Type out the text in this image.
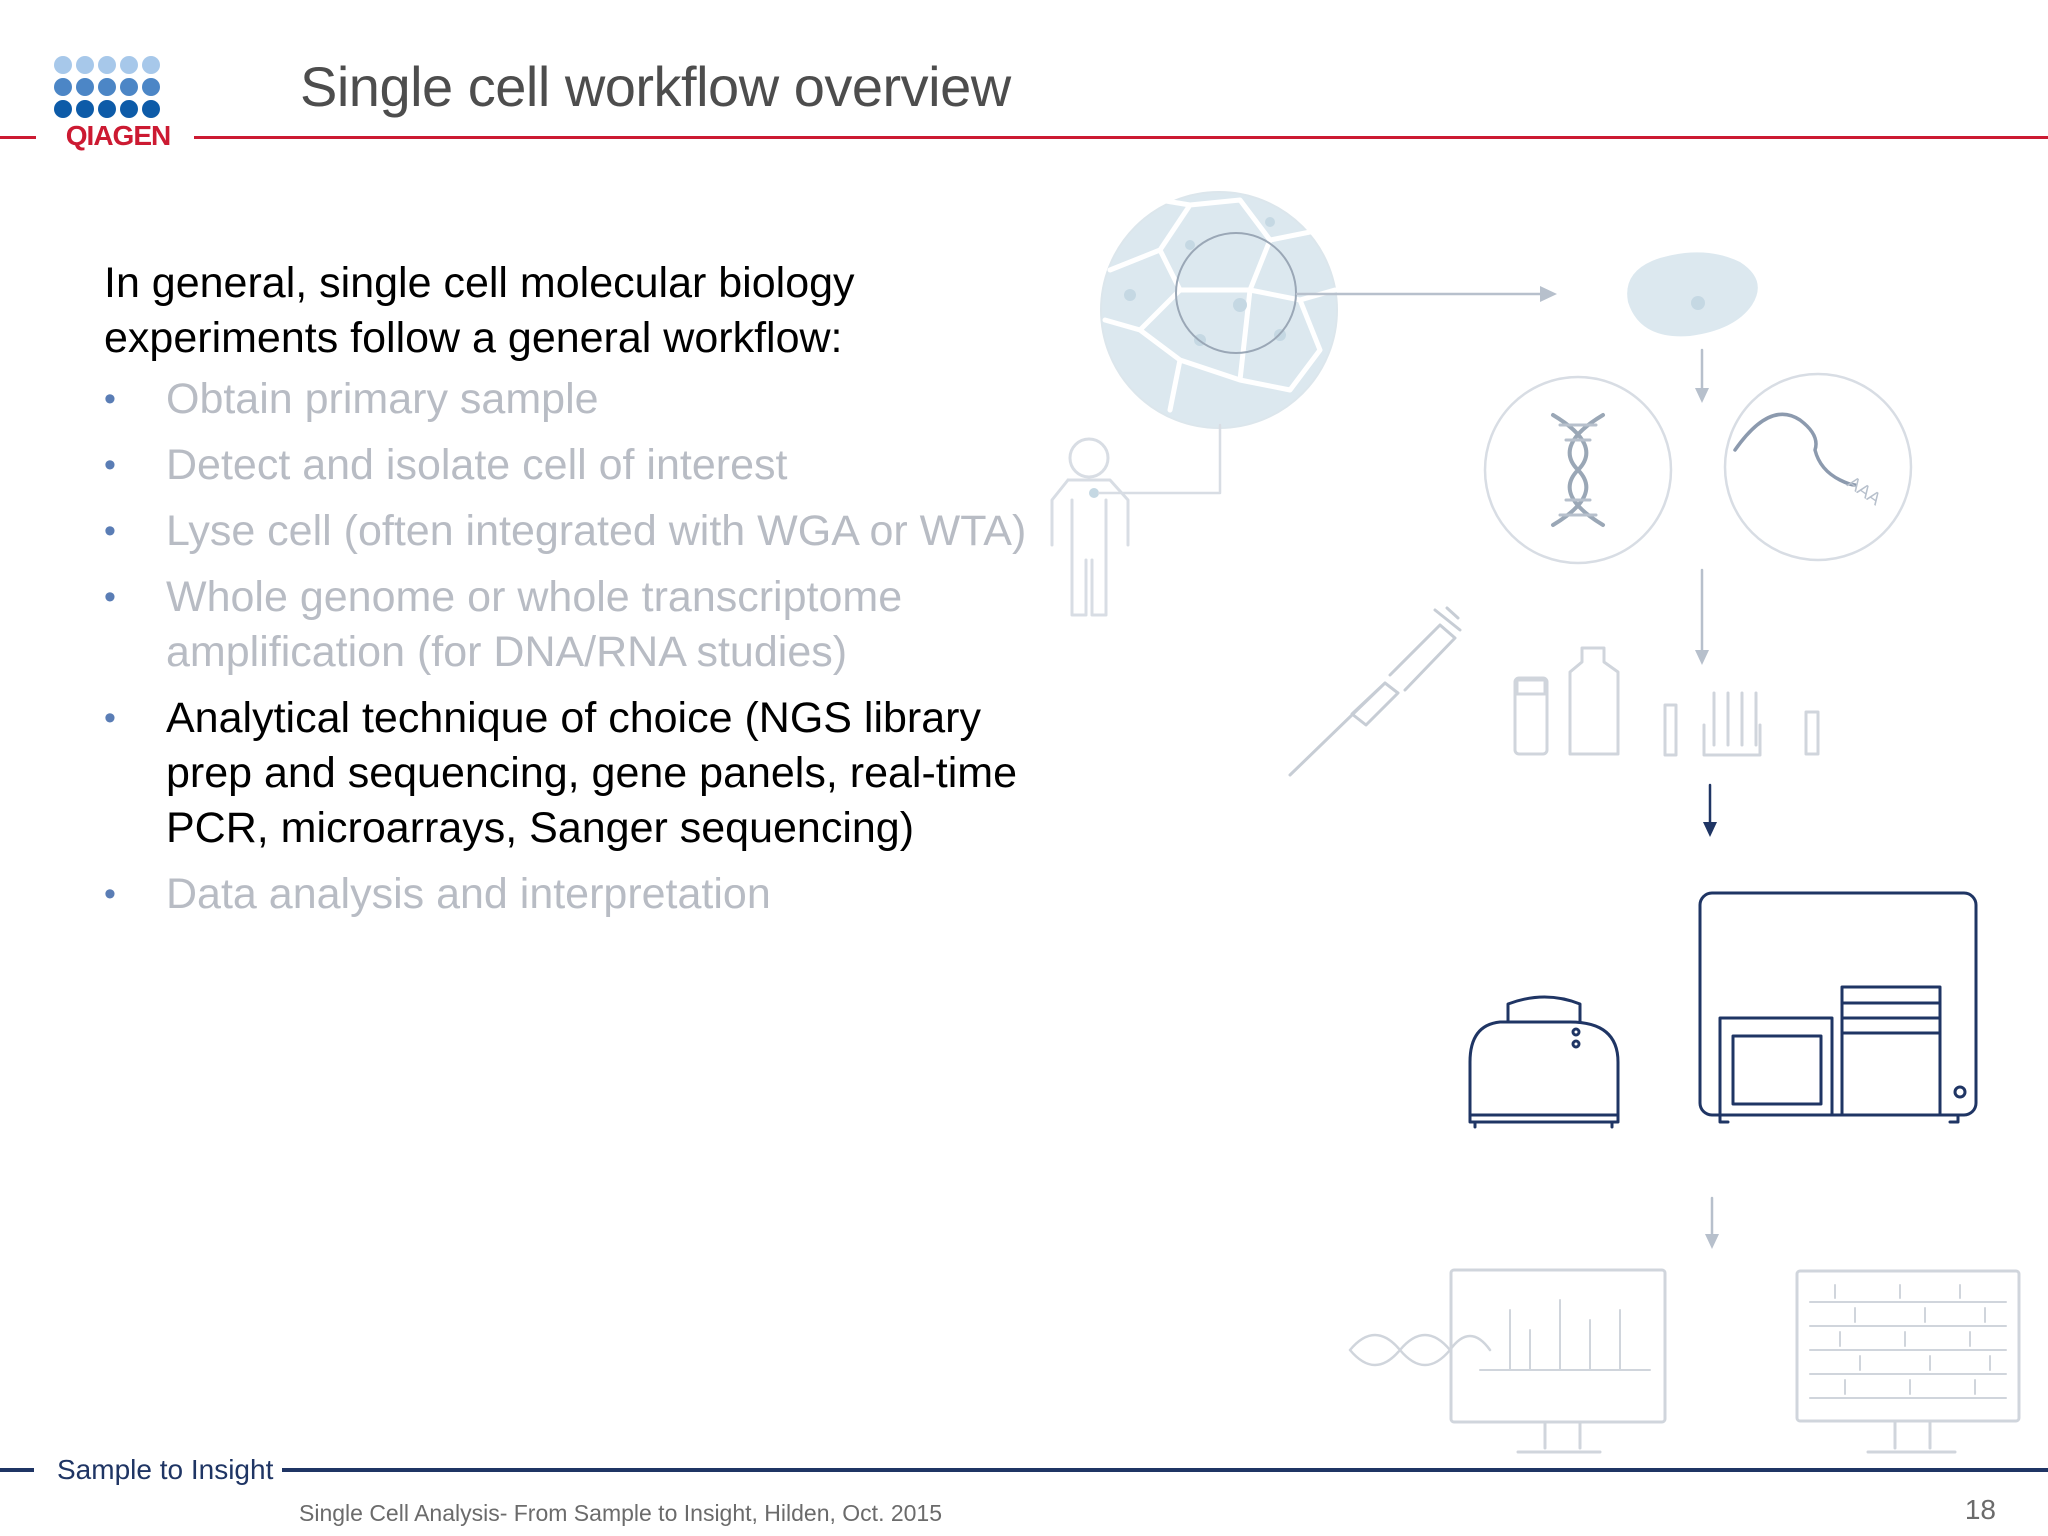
QIAGEN
Single cell workflow overview

In general, single cell molecular biology experiments follow a general workflow:

• Obtain primary sample
• Detect and isolate cell of interest
• Lyse cell (often integrated with WGA or WTA)
• Whole genome or whole transcriptome amplification (for DNA/RNA studies)
• Analytical technique of choice (NGS library prep and sequencing, gene panels, real-time PCR, microarrays, Sanger sequencing)
• Data analysis and interpretation
AAA
Sample to Insight
Single Cell Analysis- From Sample to Insight, Hilden, Oct. 2015	18
